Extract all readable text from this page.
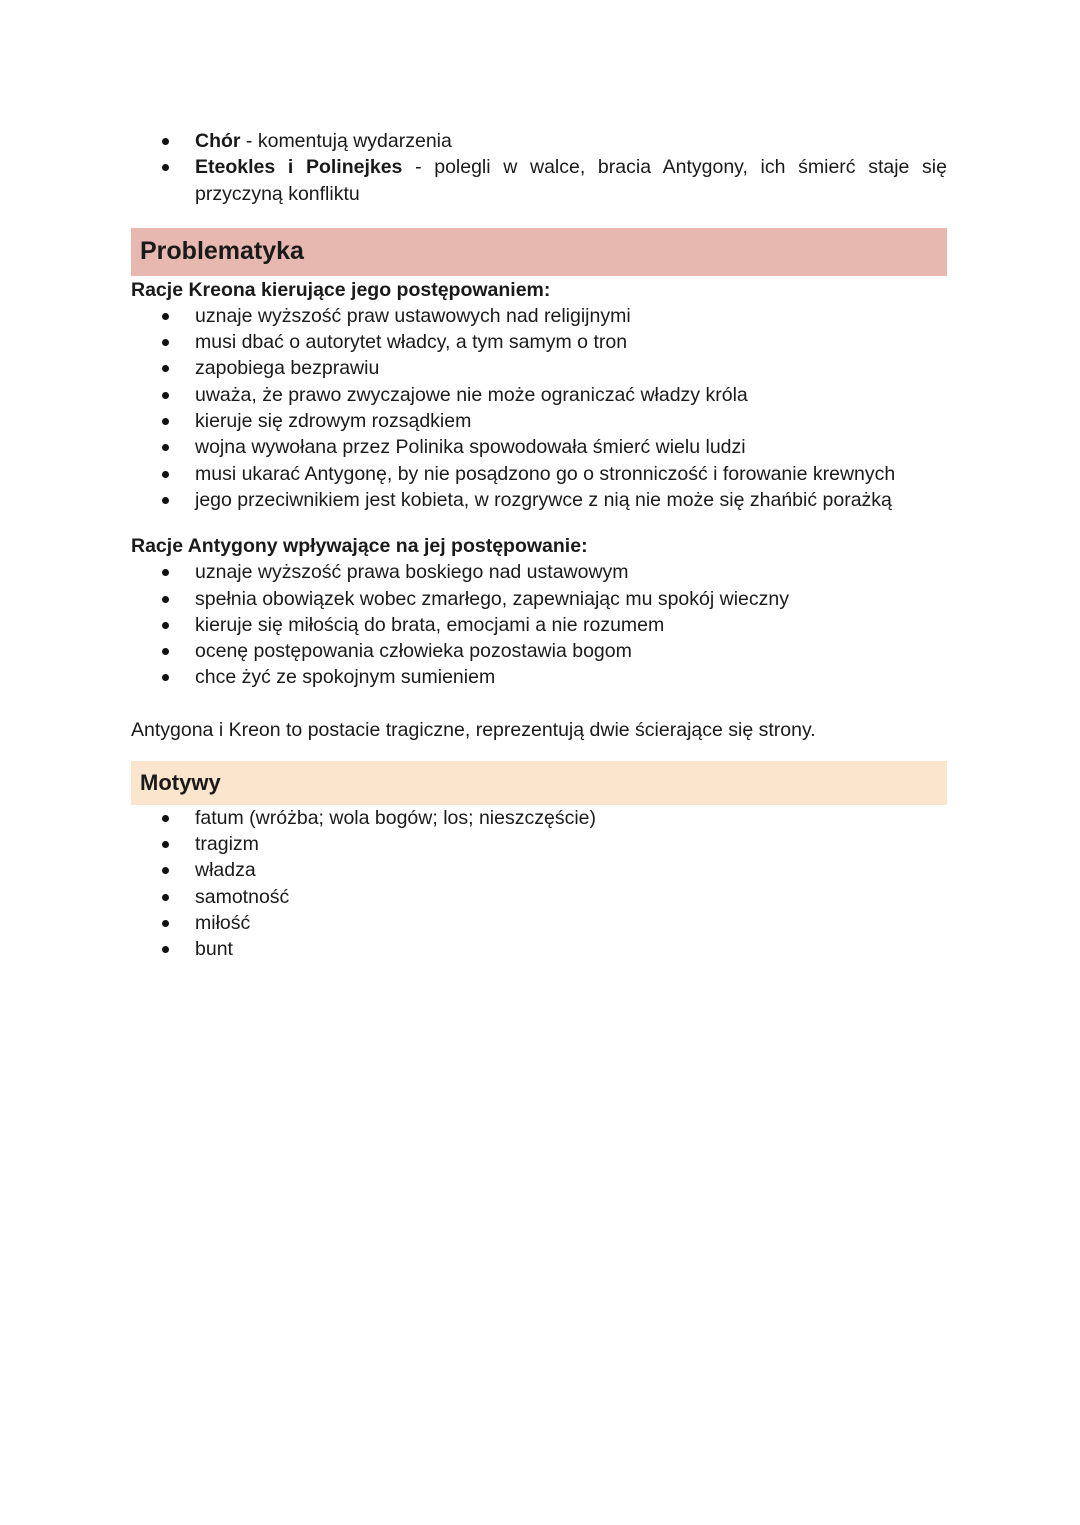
Chór - komentują wydarzenia
Eteokles i Polinejkes - polegli w walce, bracia Antygony, ich śmierć staje się przyczyną konfliktu
Problematyka
Racje Kreona kierujące jego postępowaniem:
uznaje wyższość praw ustawowych nad religijnymi
musi dbać o autorytet władcy, a tym samym o tron
zapobiega bezprawiu
uważa, że prawo zwyczajowe nie może ograniczać władzy króla
kieruje się zdrowym rozsądkiem
wojna wywołana przez Polinika spowodowała śmierć wielu ludzi
musi ukarać Antygonę, by nie posądzono go o stronniczość i forowanie krewnych
jego przeciwnikiem jest kobieta, w rozgrywce z nią nie może się zhańbić porażką
Racje Antygony wpływające na jej postępowanie:
uznaje wyższość prawa boskiego nad ustawowym
spełnia obowiązek wobec zmarłego, zapewniając mu spokój wieczny
kieruje się miłością do brata, emocjami a nie rozumem
ocenę postępowania człowieka pozostawia bogom
chce żyć ze spokojnym sumieniem
Antygona i Kreon to postacie tragiczne, reprezentują dwie ścierające się strony.
Motywy
fatum (wróżba; wola bogów; los; nieszczęście)
tragizm
władza
samotność
miłość
bunt
